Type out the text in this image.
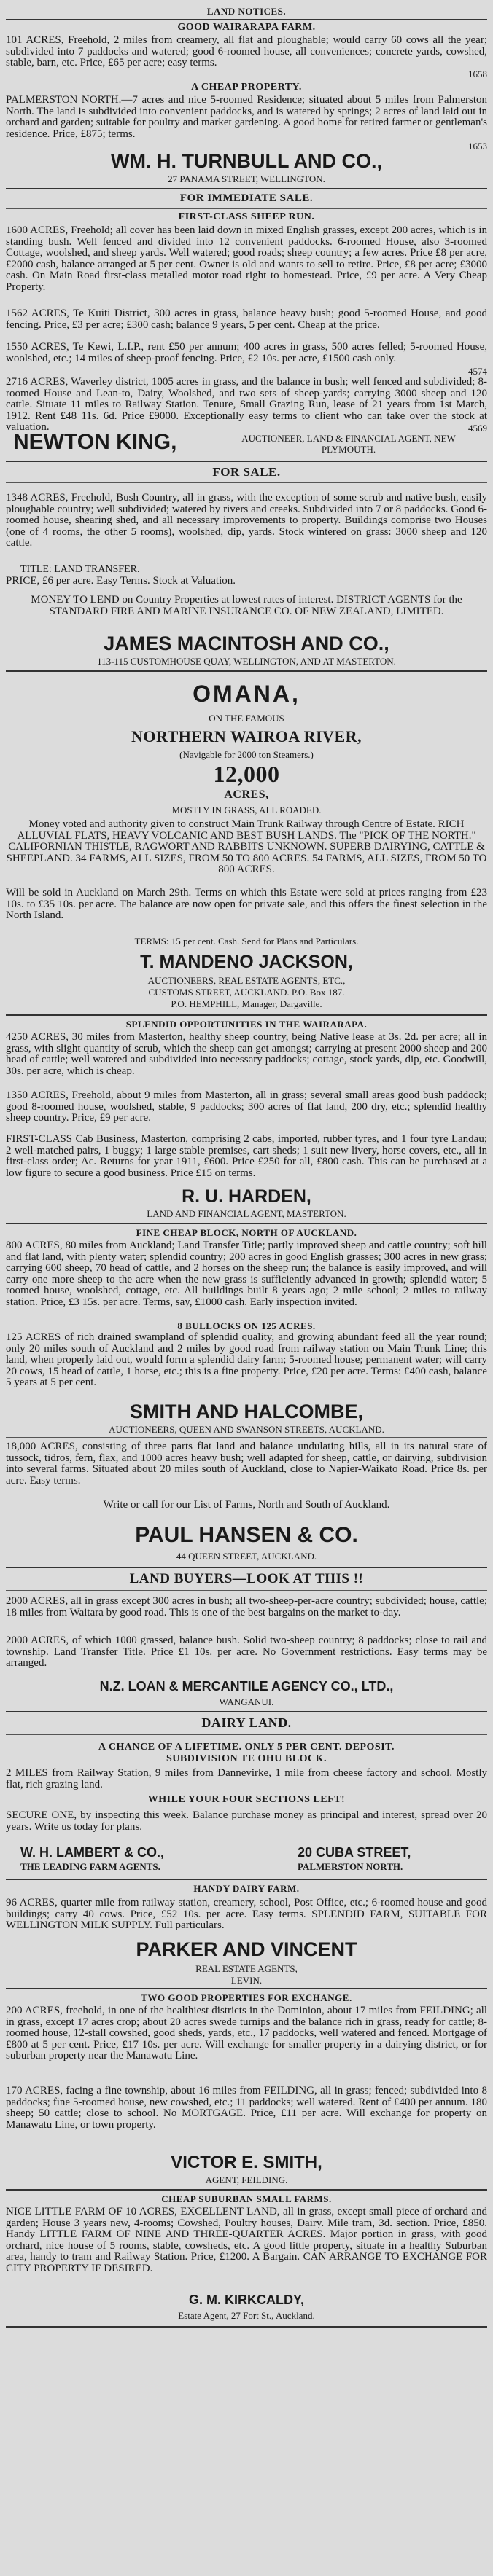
LAND NOTICES.
GOOD WAIRARAPA FARM.
101 ACRES, Freehold, 2 miles from creamery, all flat and ploughable; would carry 60 cows all the year; subdivided into 7 paddocks and watered; good 6-roomed house, all conveniences; concrete yards, cowshed, stable, barn, etc. Price, £65 per acre; easy terms.
1658
A CHEAP PROPERTY.
PALMERSTON NORTH.—7 acres and nice 5-roomed Residence; situated about 5 miles from Palmerston North. The land is subdivided into convenient paddocks, and is watered by springs; 2 acres of land laid out in orchard and garden; suitable for poultry and market gardening. A good home for retired farmer or gentleman's residence. Price, £875; terms.
1653
WM. H. TURNBULL AND CO.,
27 PANAMA STREET, WELLINGTON.
FOR IMMEDIATE SALE.
FIRST-CLASS SHEEP RUN.
1600 ACRES, Freehold; all cover has been laid down in mixed English grasses, except 200 acres, which is in standing bush. Well fenced and divided into 12 convenient paddocks. 6-roomed House, also 3-roomed Cottage, woolshed, and sheep yards. Well watered; good roads; sheep country; a few acres. Price £8 per acre, £2000 cash, balance arranged at 5 per cent. Owner is old and wants to sell to retire. Price, £8 per acre; £3000 cash. On Main Road first-class metalled motor road right to homestead. Price, £9 per acre. A Very Cheap Property.
1562 ACRES, Te Kuiti District, 300 acres in grass, balance heavy bush; good 5-roomed House, and good fencing. Price, £3 per acre; £300 cash; balance 9 years, 5 per cent. Cheap at the price.
1550 ACRES, Te Kewi, L.I.P., rent £50 per annum; 400 acres in grass, 500 acres felled; 5-roomed House, woolshed, etc.; 14 miles of sheep-proof fencing. Price, £2 10s. per acre, £1500 cash only.
4574
2716 ACRES, Waverley district, 1005 acres in grass, and the balance in bush; well fenced and subdivided; 8-roomed House and Lean-to, Dairy, Woolshed, and two sets of sheep-yards; carrying 3000 sheep and 120 cattle. Situate 11 miles to Railway Station. Tenure, Small Grazing Run, lease of 21 years from 1st March, 1912. Rent £48 11s. 6d. Price £9000. Exceptionally easy terms to client who can take over the stock at valuation.	4569
NEWTON KING,	AUCTIONEER, LAND & FINANCIAL AGENT, NEW PLYMOUTH.
FOR SALE.
1348 ACRES, Freehold, Bush Country, all in grass, with the exception of some scrub and native bush, easily ploughable country; well subdivided; watered by rivers and creeks. Subdivided into 7 or 8 paddocks. Good 6-roomed house, shearing shed, and all necessary improvements to property. Buildings comprise two Houses (one of 4 rooms, the other 5 rooms), woolshed, dip, yards. Stock wintered on grass: 3000 sheep and 120 cattle.
TITLE: LAND TRANSFER.
PRICE, £6 per acre. Easy Terms. Stock at Valuation.
MONEY TO LEND on Country Properties at lowest rates of interest. DISTRICT AGENTS for the STANDARD FIRE AND MARINE INSURANCE CO. OF NEW ZEALAND, LIMITED.
JAMES MACINTOSH AND CO.,
113-115 CUSTOMHOUSE QUAY, WELLINGTON, AND AT MASTERTON.
OMANA,
ON THE FAMOUS
NORTHERN WAIROA RIVER,
(Navigable for 2000 ton Steamers.)
12,000
ACRES,
MOSTLY IN GRASS, ALL ROADED.
Money voted and authority given to construct Main Trunk Railway through Centre of Estate. RICH ALLUVIAL FLATS, HEAVY VOLCANIC AND BEST BUSH LANDS. The "PICK OF THE NORTH." CALIFORNIAN THISTLE, RAGWORT AND RABBITS UNKNOWN. SUPERB DAIRYING, CATTLE & SHEEPLAND. 34 FARMS, ALL SIZES, FROM 50 TO 800 ACRES. 54 FARMS, ALL SIZES, FROM 50 TO 800 ACRES.
Will be sold in Auckland on March 29th. Terms on which this Estate were sold at prices ranging from £23 10s. to £35 10s. per acre. The balance are now open for private sale, and this offers the finest selection in the North Island.
TERMS: 15 per cent. Cash. Send for Plans and Particulars.
T. MANDENO JACKSON,
AUCTIONEERS, REAL ESTATE AGENTS, ETC.,
CUSTOMS STREET, AUCKLAND. P.O. Box 187.
P.O. HEMPHILL, Manager, Dargaville.
SPLENDID OPPORTUNITIES IN THE WAIRARAPA.
4250 ACRES, 30 miles from Masterton, healthy sheep country, being Native lease at 3s. 2d. per acre; all in grass, with slight quantity of scrub, which the sheep can get amongst; carrying at present 2000 sheep and 200 head of cattle; well watered and subdivided into necessary paddocks; cottage, stock yards, dip, etc. Goodwill, 30s. per acre, which is cheap.
1350 ACRES, Freehold, about 9 miles from Masterton, all in grass; several small areas good bush paddock; good 8-roomed house, woolshed, stable, 9 paddocks; 300 acres of flat land, 200 dry, etc.; splendid healthy sheep country. Price, £9 per acre.
FIRST-CLASS Cab Business, Masterton, comprising 2 cabs, imported, rubber tyres, and 1 four tyre Landau; 2 well-matched pairs, 1 buggy; 1 large stable premises, cart sheds; 1 suit new livery, horse covers, etc., all in first-class order; Ac. Returns for year 1911, £600. Price £250 for all, £800 cash. This can be purchased at a low figure to secure a good business. Price £15 on terms.
R. U. HARDEN,
LAND AND FINANCIAL AGENT, MASTERTON.
FINE CHEAP BLOCK, NORTH OF AUCKLAND.
800 ACRES, 80 miles from Auckland; Land Transfer Title; partly improved sheep and cattle country; soft hill and flat land, with plenty water; splendid country; 200 acres in good English grasses; 300 acres in new grass; carrying 600 sheep, 70 head of cattle, and 2 horses on the sheep run; the balance is easily improved, and will carry one more sheep to the acre when the new grass is sufficiently advanced in growth; splendid water; 5 roomed house, woolshed, cottage, etc. All buildings built 8 years ago; 2 mile school; 2 miles to railway station. Price, £3 15s. per acre. Terms, say, £1000 cash. Early inspection invited.
8 BULLOCKS ON 125 ACRES.
125 ACRES of rich drained swampland of splendid quality, and growing abundant feed all the year round; only 20 miles south of Auckland and 2 miles by good road from railway station on Main Trunk Line; this land, when properly laid out, would form a splendid dairy farm; 5-roomed house; permanent water; will carry 20 cows, 15 head of cattle, 1 horse, etc.; this is a fine property. Price, £20 per acre. Terms: £400 cash, balance 5 years at 5 per cent.
SMITH AND HALCOMBE,
AUCTIONEERS, QUEEN AND SWANSON STREETS, AUCKLAND.
18,000 ACRES, consisting of three parts flat land and balance undulating hills, all in its natural state of tussock, tidros, fern, flax, and 1000 acres heavy bush; well adapted for sheep, cattle, or dairying, subdivision into several farms. Situated about 20 miles south of Auckland, close to Napier-Waikato Road. Price 8s. per acre. Easy terms.
Write or call for our List of Farms, North and South of Auckland.
PAUL HANSEN & CO.
44 QUEEN STREET, AUCKLAND.
LAND BUYERS—LOOK AT THIS !!
2000 ACRES, all in grass except 300 acres in bush; all two-sheep-per-acre country; subdivided; house, cattle; 18 miles from Waitara by good road. This is one of the best bargains on the market to-day.
2000 ACRES, of which 1000 grassed, balance bush. Solid two-sheep country; 8 paddocks; close to rail and township. Land Transfer Title. Price £1 10s. per acre. No Government restrictions. Easy terms may be arranged.
N.Z. LOAN & MERCANTILE AGENCY CO., LTD.,
WANGANUI.
DAIRY LAND.
A CHANCE OF A LIFETIME. ONLY 5 PER CENT. DEPOSIT.
SUBDIVISION TE OHU BLOCK.
2 MILES from Railway Station, 9 miles from Dannevirke, 1 mile from cheese factory and school. Mostly flat, rich grazing land.
WHILE YOUR FOUR SECTIONS LEFT!
SECURE ONE, by inspecting this week. Balance purchase money as principal and interest, spread over 20 years. Write us today for plans.
W. H. LAMBERT & CO.,	20 CUBA STREET,
THE LEADING FARM AGENTS.	PALMERSTON NORTH.
HANDY DAIRY FARM.
96 ACRES, quarter mile from railway station, creamery, school, Post Office, etc.; 6-roomed house and good buildings; carry 40 cows. Price, £52 10s. per acre. Easy terms. SPLENDID FARM, SUITABLE FOR WELLINGTON MILK SUPPLY. Full particulars.
PARKER AND VINCENT
REAL ESTATE AGENTS,
LEVIN.
TWO GOOD PROPERTIES FOR EXCHANGE.
200 ACRES, freehold, in one of the healthiest districts in the Dominion, about 17 miles from FEILDING; all in grass, except 17 acres crop; about 20 acres swede turnips and the balance rich in grass, ready for cattle; 8-roomed house, 12-stall cowshed, good sheds, yards, etc., 17 paddocks, well watered and fenced. Mortgage of £800 at 5 per cent. Price, £17 10s. per acre. Will exchange for smaller property in a dairying district, or for suburban property near the Manawatu Line.
170 ACRES, facing a fine township, about 16 miles from FEILDING, all in grass; fenced; subdivided into 8 paddocks; fine 5-roomed house, new cowshed, etc.; 11 paddocks; well watered. Rent of £400 per annum. 180 sheep; 50 cattle; close to school. No MORTGAGE. Price, £11 per acre. Will exchange for property on Manawatu Line, or town property.
VICTOR E. SMITH,
AGENT, FEILDING.
CHEAP SUBURBAN SMALL FARMS.
NICE LITTLE FARM OF 10 ACRES, EXCELLENT LAND, all in grass, except small piece of orchard and garden; House 3 years new, 4-rooms; Cowshed, Poultry houses, Dairy. Mile tram, 3d. section. Price, £850. Handy LITTLE FARM OF NINE AND THREE-QUARTER ACRES. Major portion in grass, with good orchard, nice house of 5 rooms, stable, cowsheds, etc. A good little property, situate in a healthy Suburban area, handy to tram and Railway Station. Price, £1200. A Bargain. CAN ARRANGE TO EXCHANGE FOR CITY PROPERTY IF DESIRED.
G. M. KIRKCALDY,
Estate Agent, 27 Fort St., Auckland.
